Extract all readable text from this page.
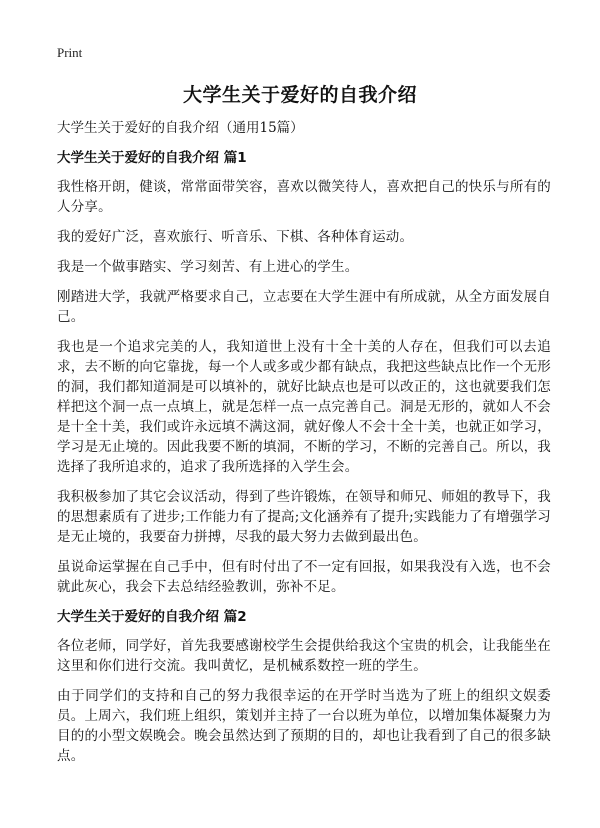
Print
大学生关于爱好的自我介绍
大学生关于爱好的自我介绍（通用15篇）
大学生关于爱好的自我介绍 篇1

我性格开朗，健谈，常常面带笑容，喜欢以微笑待人，喜欢把自己的快乐与所有的人分享。

我的爱好广泛，喜欢旅行、听音乐、下棋、各种体育运动。

我是一个做事踏实、学习刻苦、有上进心的学生。

刚踏进大学，我就严格要求自己，立志要在大学生涯中有所成就，从全方面发展自己。

我也是一个追求完美的人，我知道世上没有十全十美的人存在，但我们可以去追求，去不断的向它靠拢，每一个人或多或少都有缺点，我把这些缺点比作一个无形的洞，我们都知道洞是可以填补的，就好比缺点也是可以改正的，这也就要我们怎样把这个洞一点一点填上，就是怎样一点一点完善自己。洞是无形的，就如人不会是十全十美，我们或许永远填不满这洞，就好像人不会十全十美，也就正如学习，学习是无止境的。因此我要不断的填洞，不断的学习，不断的完善自己。所以，我选择了我所追求的，追求了我所选择的入学生会。

我积极参加了其它会议活动，得到了些许锻炼，在领导和师兄、师姐的教导下，我的思想素质有了进步;工作能力有了提高;文化涵养有了提升;实践能力了有增强学习是无止境的，我要奋力拼搏，尽我的最大努力去做到最出色。

虽说命运掌握在自己手中，但有时付出了不一定有回报，如果我没有入选，也不会就此灰心，我会下去总结经验教训，弥补不足。

大学生关于爱好的自我介绍 篇2

各位老师，同学好，首先我要感谢校学生会提供给我这个宝贵的机会，让我能坐在这里和你们进行交流。我叫黄忆，是机械系数控一班的学生。

由于同学们的支持和自己的努力我很幸运的在开学时当选为了班上的组织文娱委员。上周六，我们班上组织，策划并主持了一台以班为单位，以增加集体凝聚力为目的的小型文娱晚会。晚会虽然达到了预期的目的，却也让我看到了自己的很多缺点。
